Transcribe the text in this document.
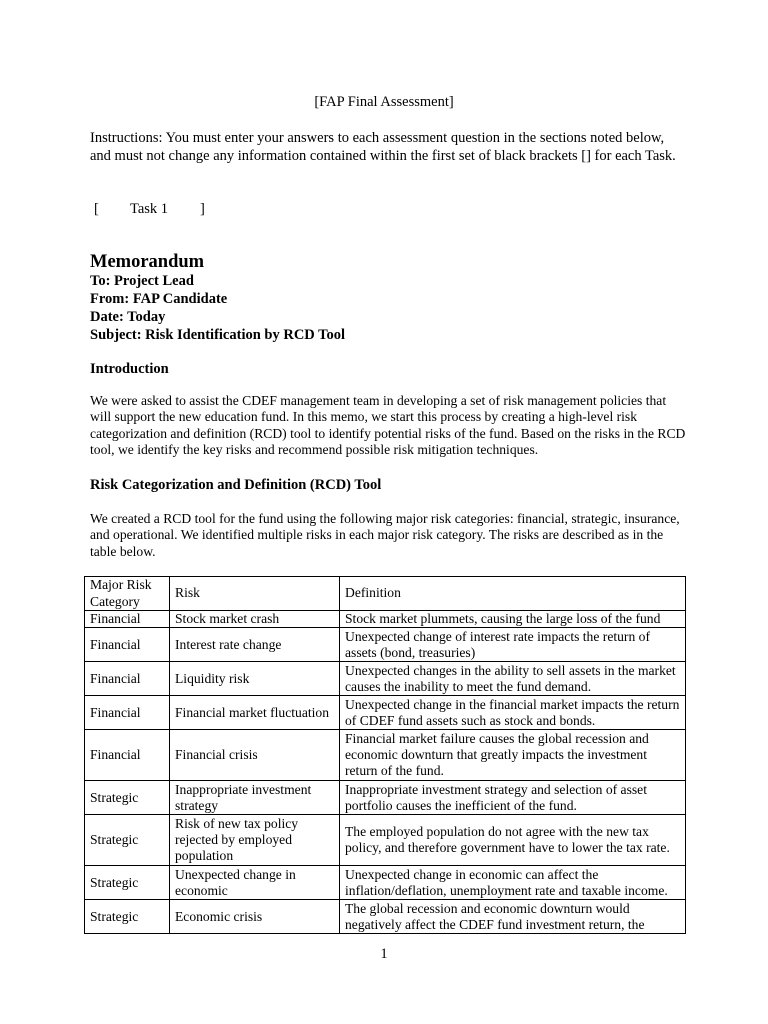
[FAP Final Assessment]
Instructions: You must enter your answers to each assessment question in the sections noted below, and must not change any information contained within the first set of black brackets [] for each Task.
[ Task 1 ]
Memorandum
To: Project Lead
From: FAP Candidate
Date: Today
Subject: Risk Identification by RCD Tool
Introduction
We were asked to assist the CDEF management team in developing a set of risk management policies that will support the new education fund. In this memo, we start this process by creating a high-level risk categorization and definition (RCD) tool to identify potential risks of the fund. Based on the risks in the RCD tool, we identify the key risks and recommend possible risk mitigation techniques.
Risk Categorization and Definition (RCD) Tool
We created a RCD tool for the fund using the following major risk categories: financial, strategic, insurance, and operational. We identified multiple risks in each major risk category. The risks are described as in the table below.
Major Risk Category	Risk	Definition
Financial	Stock market crash	Stock market plummets, causing the large loss of the fund
Financial	Interest rate change	Unexpected change of interest rate impacts the return of assets (bond, treasuries)
Financial	Liquidity risk	Unexpected changes in the ability to sell assets in the market causes the inability to meet the fund demand.
Financial	Financial market fluctuation	Unexpected change in the financial market impacts the return of CDEF fund assets such as stock and bonds.
Financial	Financial crisis	Financial market failure causes the global recession and economic downturn that greatly impacts the investment return of the fund.
Strategic	Inappropriate investment strategy	Inappropriate investment strategy and selection of asset portfolio causes the inefficient of the fund.
Strategic	Risk of new tax policy rejected by employed population	The employed population do not agree with the new tax policy, and therefore government have to lower the tax rate.
Strategic	Unexpected change in economic	Unexpected change in economic can affect the inflation/deflation, unemployment rate and taxable income.
Strategic	Economic crisis	The global recession and economic downturn would negatively affect the CDEF fund investment return, the
1
